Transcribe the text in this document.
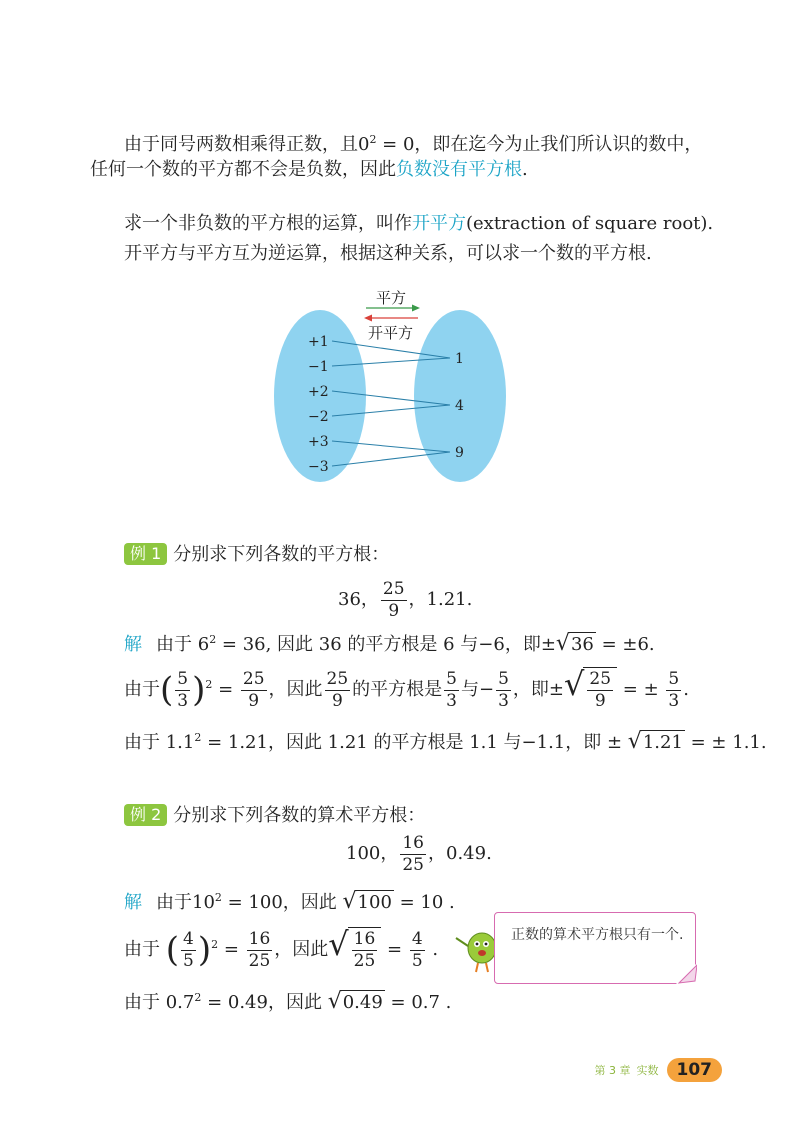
由于同号两数相乘得正数，且$0^2 = 0$，即在迄今为止我们所认识的数中，
任何一个数的平方都不会是负数，因此负数没有平方根.
求一个非负数的平方根的运算，叫作开平方(extraction of square root).
开平方与平方互为逆运算，根据这种关系，可以求一个数的平方根.
平方
开平方
+1
−1
+2
−2
+3
−3
1
4
9
例 1 分别求下列各数的平方根：
36， $\frac{25}{9}$ ，1.21.
解 由于 $6^2 = 36$, 因此 36 的平方根是 6 与−6，即±√36 = ±6.
由于( $\frac{5}{3} )^2 = \frac{25}{9}$ ，因此 $\frac{25}{9}$ 的平方根是 $\frac{5}{3}$ 与− $\frac{5}{3}$ ，即±√ $\frac{25}{9}$ = ± $\frac{5}{3}$ .
由于 $1.1^2 = 1.21$，因此 1.21 的平方根是 1.1 与−1.1，即 ± √1.21 = ± 1.1.
例 2 分别求下列各数的算术平方根：
100， $\frac{16}{25}$ ，0.49.
解 由于$10^2 = 100$，因此 √100 = 10 .
由于 ( $\frac{4}{5} )^2 = \frac{16}{25}$ ，因此√ $\frac{16}{25} = \frac{4}{5}$ .
由于 $0.7^2 = 0.49$，因此 √0.49 = 0.7 .
正数的算术平方根只有一个.
第 3 章 实数	107
